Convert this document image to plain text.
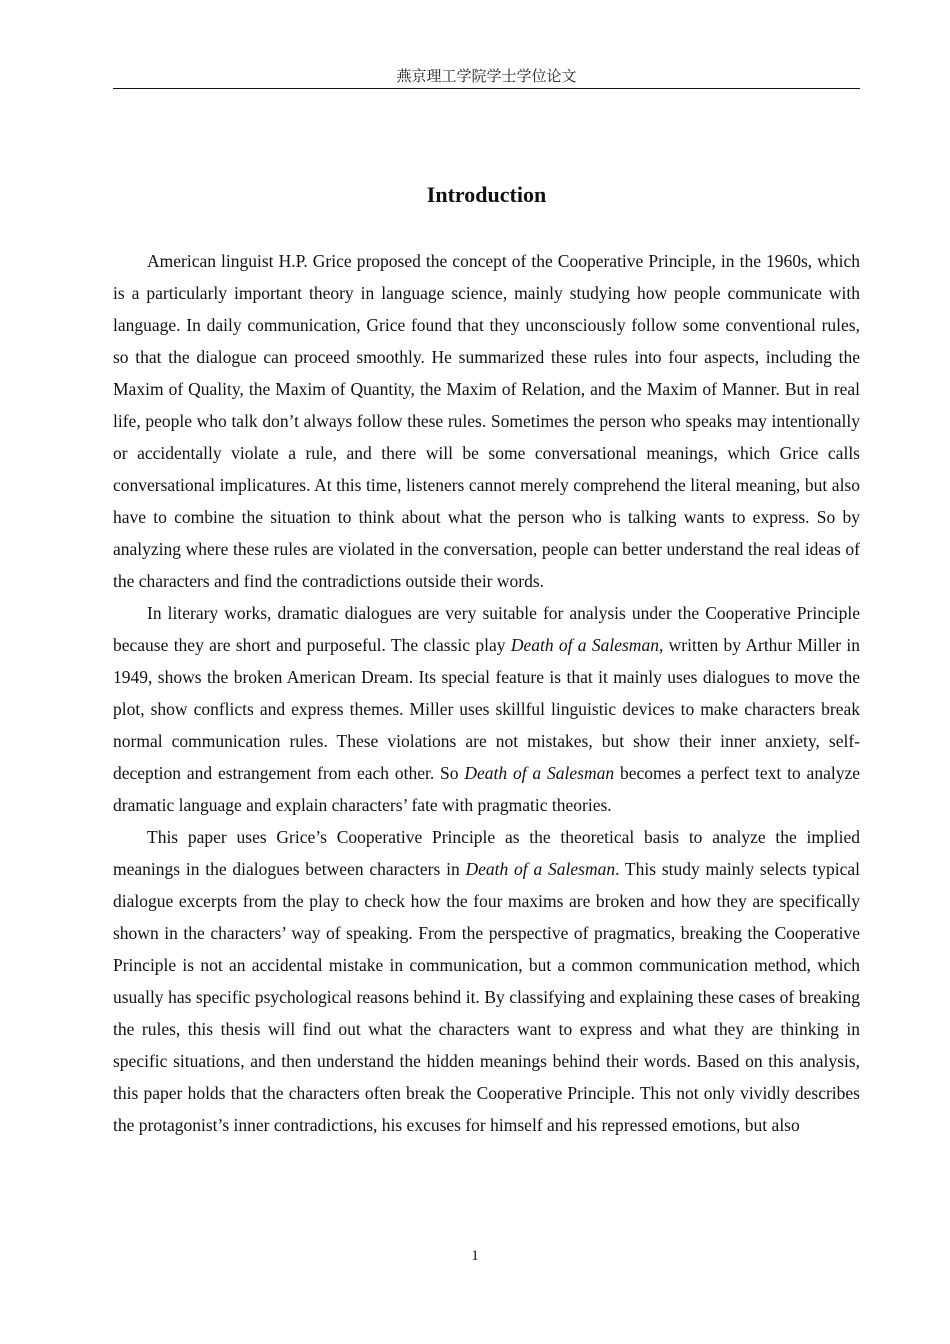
燕京理工学院学士学位论文
Introduction

American linguist H.P. Grice proposed the concept of the Cooperative Principle, in the 1960s, which is a particularly important theory in language science, mainly studying how people communicate with language. In daily communication, Grice found that they unconsciously follow some conventional rules, so that the dialogue can proceed smoothly. He summarized these rules into four aspects, including the Maxim of Quality, the Maxim of Quantity, the Maxim of Relation, and the Maxim of Manner. But in real life, people who talk don’t always follow these rules. Sometimes the person who speaks may intentionally or accidentally violate a rule, and there will be some conversational meanings, which Grice calls conversational implicatures. At this time, listeners cannot merely comprehend the literal meaning, but also have to combine the situation to think about what the person who is talking wants to express. So by analyzing where these rules are violated in the conversation, people can better understand the real ideas of the characters and find the contradictions outside their words.

In literary works, dramatic dialogues are very suitable for analysis under the Cooperative Principle because they are short and purposeful. The classic play Death of a Salesman, written by Arthur Miller in 1949, shows the broken American Dream. Its special feature is that it mainly uses dialogues to move the plot, show conflicts and express themes. Miller uses skillful linguistic devices to make characters break normal communication rules. These violations are not mistakes, but show their inner anxiety, self-deception and estrangement from each other. So Death of a Salesman becomes a perfect text to analyze dramatic language and explain characters’ fate with pragmatic theories.

This paper uses Grice’s Cooperative Principle as the theoretical basis to analyze the implied meanings in the dialogues between characters in Death of a Salesman. This study mainly selects typical dialogue excerpts from the play to check how the four maxims are broken and how they are specifically shown in the characters’ way of speaking. From the perspective of pragmatics, breaking the Cooperative Principle is not an accidental mistake in communication, but a common communication method, which usually has specific psychological reasons behind it. By classifying and explaining these cases of breaking the rules, this thesis will find out what the characters want to express and what they are thinking in specific situations, and then understand the hidden meanings behind their words. Based on this analysis, this paper holds that the characters often break the Cooperative Principle. This not only vividly describes the protagonist’s inner contradictions, his excuses for himself and his repressed emotions, but also

1
